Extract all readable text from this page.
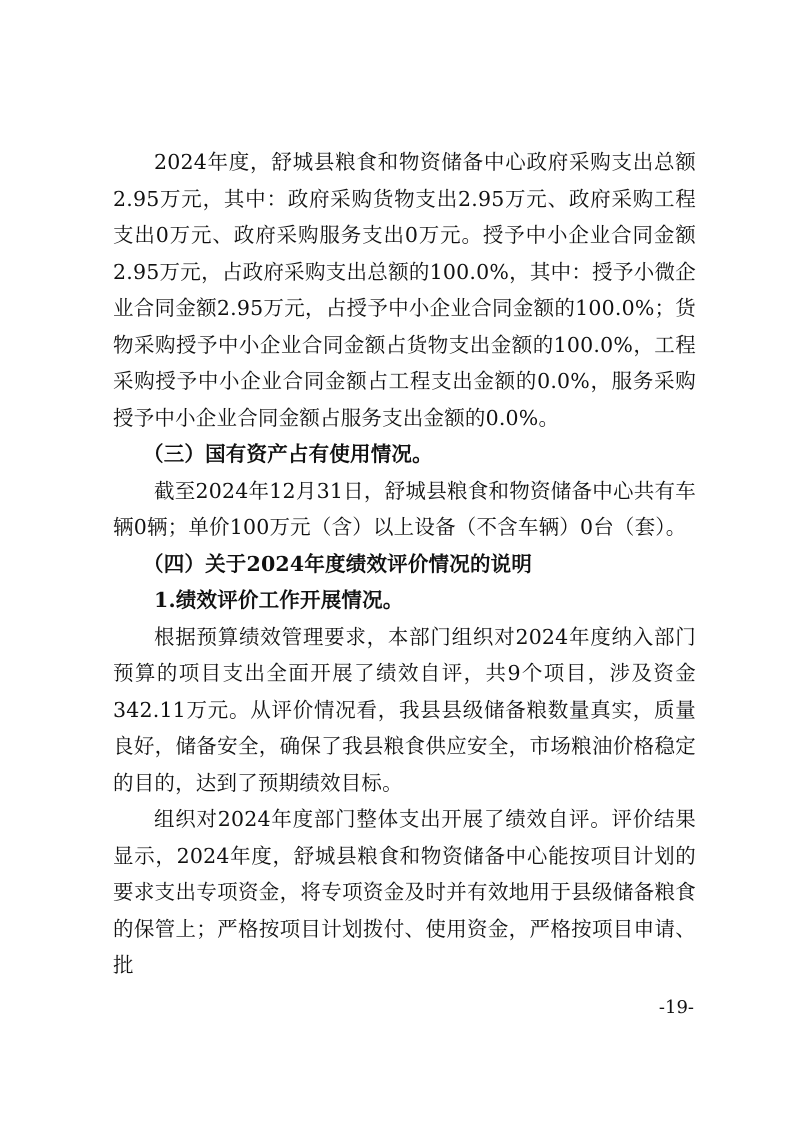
2024年度，舒城县粮食和物资储备中心政府采购支出总额2.95万元，其中：政府采购货物支出2.95万元、政府采购工程支出0万元、政府采购服务支出0万元。授予中小企业合同金额2.95万元，占政府采购支出总额的100.0%，其中：授予小微企业合同金额2.95万元，占授予中小企业合同金额的100.0%；货物采购授予中小企业合同金额占货物支出金额的100.0%，工程采购授予中小企业合同金额占工程支出金额的0.0%，服务采购授予中小企业合同金额占服务支出金额的0.0%。

（三）国有资产占有使用情况。

截至2024年12月31日，舒城县粮食和物资储备中心共有车辆0辆；单价100万元（含）以上设备（不含车辆）0台（套）。

（四）关于2024年度绩效评价情况的说明

1.绩效评价工作开展情况。

根据预算绩效管理要求，本部门组织对2024年度纳入部门预算的项目支出全面开展了绩效自评，共9个项目，涉及资金342.11万元。从评价情况看，我县县级储备粮数量真实，质量良好，储备安全，确保了我县粮食供应安全，市场粮油价格稳定的目的，达到了预期绩效目标。

组织对2024年度部门整体支出开展了绩效自评。评价结果显示，2024年度，舒城县粮食和物资储备中心能按项目计划的要求支出专项资金，将专项资金及时并有效地用于县级储备粮食的保管上；严格按项目计划拨付、使用资金，严格按项目申请、批

-19-
